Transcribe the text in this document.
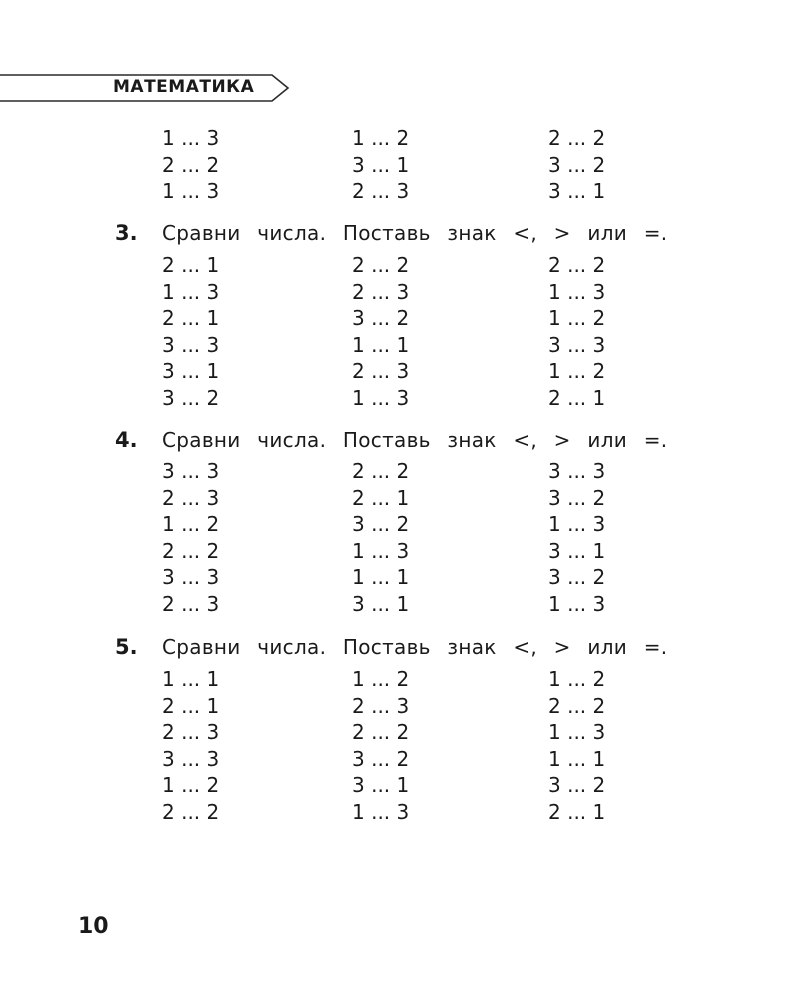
МАТЕМАТИКА
1 ... 3	1 ... 2	2 ... 2
2 ... 2	3 ... 1	3 ... 2
1 ... 3	2 ... 3	3 ... 1
3. Сравни числа. Поставь знак <, > или =.
2 ... 1	2 ... 2	2 ... 2
1 ... 3	2 ... 3	1 ... 3
2 ... 1	3 ... 2	1 ... 2
3 ... 3	1 ... 1	3 ... 3
3 ... 1	2 ... 3	1 ... 2
3 ... 2	1 ... 3	2 ... 1
4. Сравни числа. Поставь знак <, > или =.
3 ... 3	2 ... 2	3 ... 3
2 ... 3	2 ... 1	3 ... 2
1 ... 2	3 ... 2	1 ... 3
2 ... 2	1 ... 3	3 ... 1
3 ... 3	1 ... 1	3 ... 2
2 ... 3	3 ... 1	1 ... 3
5. Сравни числа. Поставь знак <, > или =.
1 ... 1	1 ... 2	1 ... 2
2 ... 1	2 ... 3	2 ... 2
2 ... 3	2 ... 2	1 ... 3
3 ... 3	3 ... 2	1 ... 1
1 ... 2	3 ... 1	3 ... 2
2 ... 2	1 ... 3	2 ... 1
10
